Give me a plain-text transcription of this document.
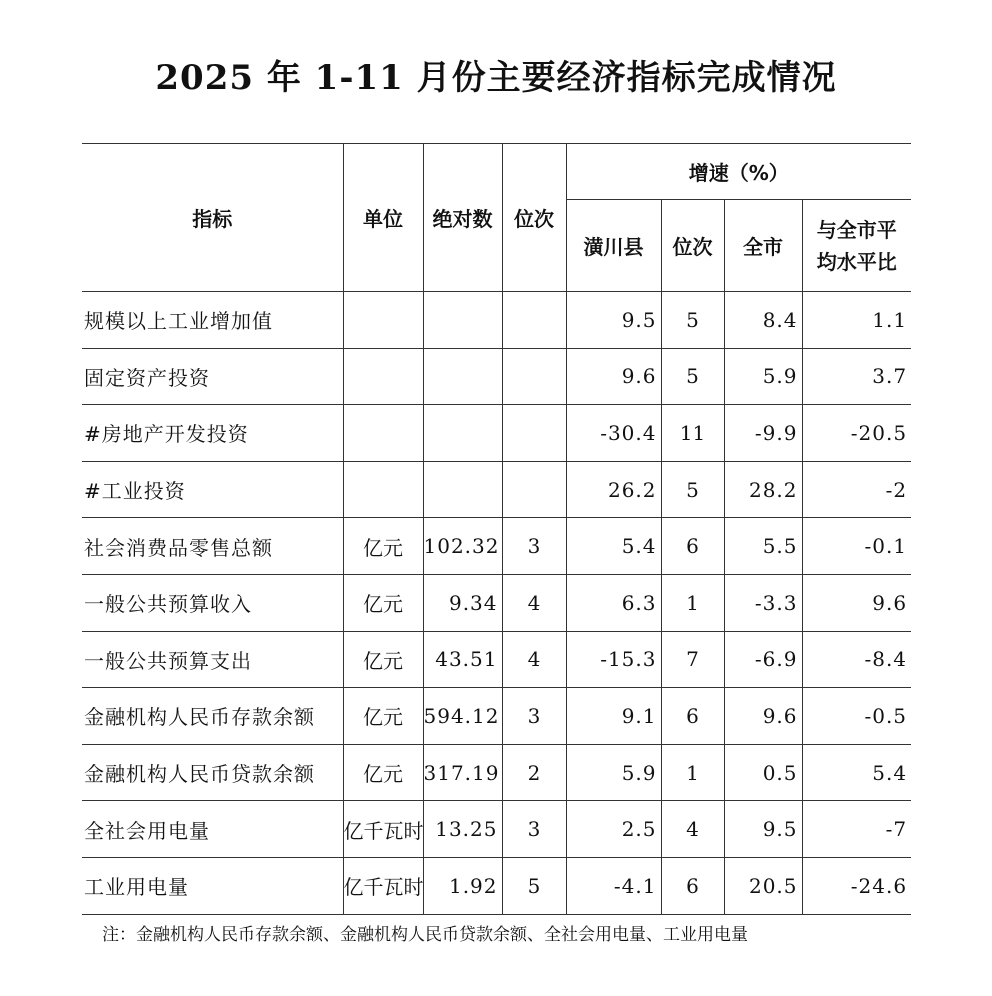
2025 年 1-11 月份主要经济指标完成情况
指标	单位	绝对数	位次	增速（%）			
				潢川县	位次	全市	与全市平均水平比
规模以上工业增加值				9.5	5	8.4	1.1
固定资产投资				9.6	5	5.9	3.7
#房地产开发投资				-30.4	11	-9.9	-20.5
#工业投资				26.2	5	28.2	-2
社会消费品零售总额	亿元	102.32	3	5.4	6	5.5	-0.1
一般公共预算收入	亿元	9.34	4	6.3	1	-3.3	9.6
一般公共预算支出	亿元	43.51	4	-15.3	7	-6.9	-8.4
金融机构人民币存款余额	亿元	594.12	3	9.1	6	9.6	-0.5
金融机构人民币贷款余额	亿元	317.19	2	5.9	1	0.5	5.4
全社会用电量	亿千瓦时	13.25	3	2.5	4	9.5	-7
工业用电量	亿千瓦时	1.92	5	-4.1	6	20.5	-24.6
注：金融机构人民币存款余额、金融机构人民币贷款余额、全社会用电量、工业用电量
